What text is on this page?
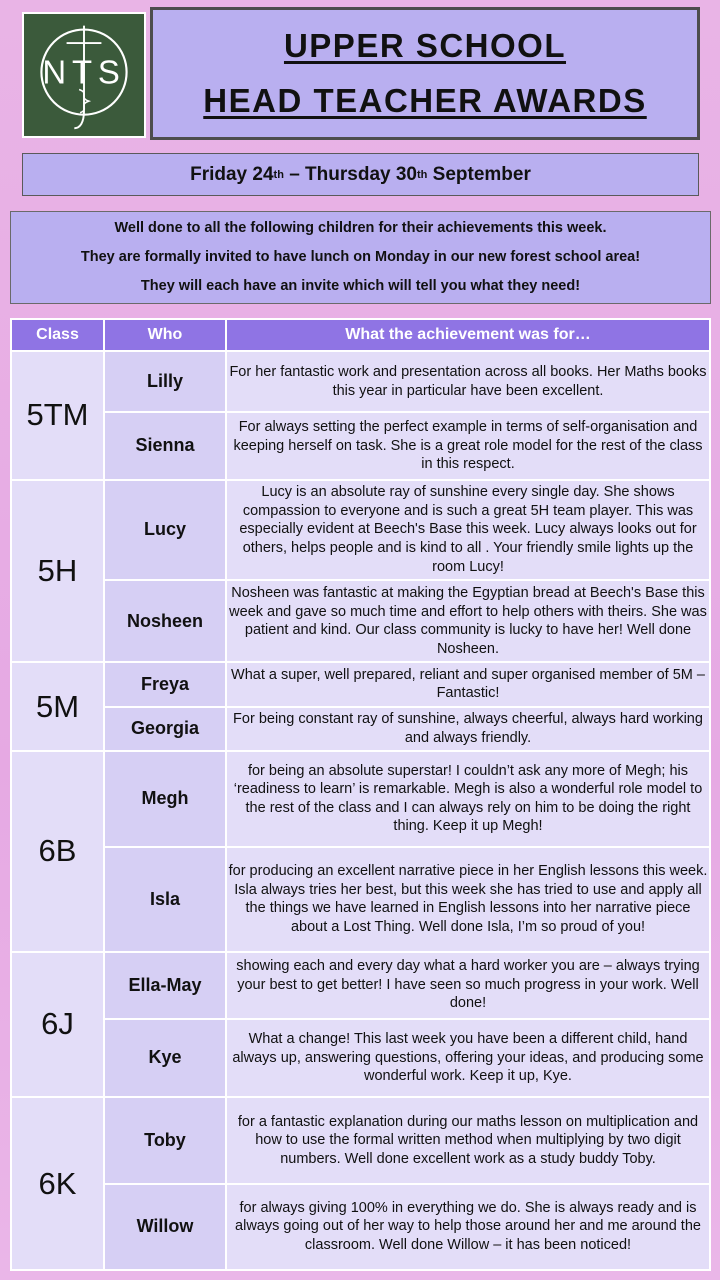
NTS
UPPER SCHOOL
HEAD TEACHER AWARDS
Friday 24 th – Thursday 30 th September
Well done to all the following children for their achievements this week.
They are formally invited to have lunch on Monday in our new forest school area!
They will each have an invite which will tell you what they need!
Class	Who	What the achievement was for…
5TM	Lilly	For her fantastic work and presentation across all books. Her Maths books this year in particular have been excellent.
	Sienna	For always setting the perfect example in terms of self-organisation and keeping herself on task. She is a great role model for the rest of the class in this respect.
5H	Lucy	Lucy is an absolute ray of sunshine every single day. She shows compassion to everyone and is such a great 5H team player. This was especially evident at Beech's Base this week. Lucy always looks out for others, helps people and is kind to all . Your friendly smile lights up the room Lucy!
	Nosheen	Nosheen was fantastic at making the Egyptian bread at Beech's Base this week and gave so much time and effort to help others with theirs. She was patient and kind. Our class community is lucky to have her! Well done Nosheen.
5M	Freya	What a super, well prepared, reliant and super organised member of 5M – Fantastic!
	Georgia	For being constant ray of sunshine, always cheerful, always hard working and always friendly.
6B	Megh	for being an absolute superstar! I couldn’t ask any more of Megh; his ‘readiness to learn’ is remarkable. Megh is also a wonderful role model to the rest of the class and I can always rely on him to be doing the right thing. Keep it up Megh!
	Isla	for producing an excellent narrative piece in her English lessons this week. Isla always tries her best, but this week she has tried to use and apply all the things we have learned in English lessons into her narrative piece about a Lost Thing. Well done Isla, I’m so proud of you!
6J	Ella-May	showing each and every day what a hard worker you are – always trying your best to get better! I have seen so much progress in your work. Well done!
	Kye	What a change! This last week you have been a different child, hand always up, answering questions, offering your ideas, and producing some wonderful work. Keep it up, Kye.
6K	Toby	for a fantastic explanation during our maths lesson on multiplication and how to use the formal written method when multiplying by two digit numbers. Well done excellent work as a study buddy Toby.
	Willow	for always giving 100% in everything we do. She is always ready and is always going out of her way to help those around her and me around the classroom. Well done Willow – it has been noticed!
